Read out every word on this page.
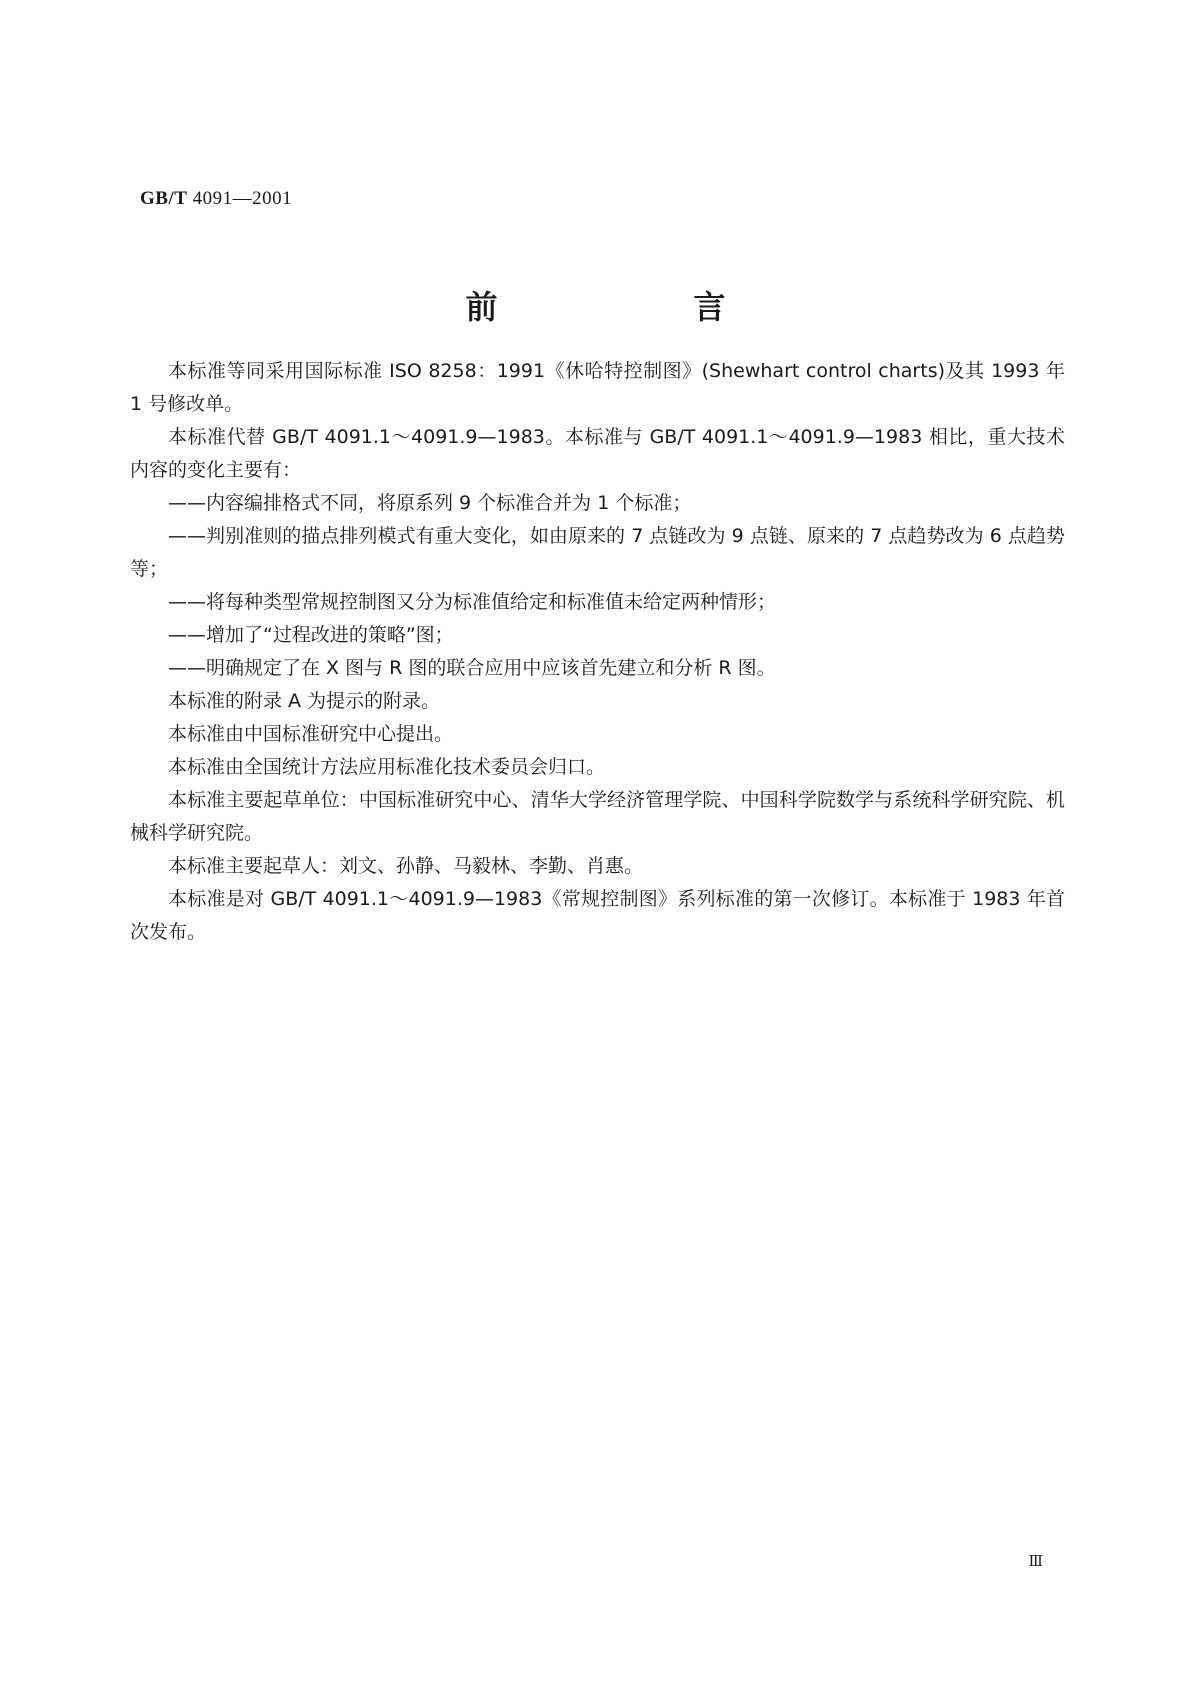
GB/T 4091—2001
前　言

本标准等同采用国际标准 ISO 8258：1991《休哈特控制图》(Shewhart control charts)及其 1993 年 1 号修改单。

本标准代替 GB/T 4091.1～4091.9—1983。本标准与 GB/T 4091.1～4091.9—1983 相比，重大技术内容的变化主要有：

——内容编排格式不同，将原系列 9 个标准合并为 1 个标准；

——判别准则的描点排列模式有重大变化，如由原来的 7 点链改为 9 点链、原来的 7 点趋势改为 6 点趋势等；

——将每种类型常规控制图又分为标准值给定和标准值未给定两种情形；

——增加了“过程改进的策略”图；

——明确规定了在 X 图与 R 图的联合应用中应该首先建立和分析 R 图。

本标准的附录 A 为提示的附录。

本标准由中国标准研究中心提出。

本标准由全国统计方法应用标准化技术委员会归口。

本标准主要起草单位：中国标准研究中心、清华大学经济管理学院、中国科学院数学与系统科学研究院、机械科学研究院。

本标准主要起草人：刘文、孙静、马毅林、李勤、肖惠。

本标准是对 GB/T 4091.1～4091.9—1983《常规控制图》系列标准的第一次修订。本标准于 1983 年首次发布。

Ⅲ
